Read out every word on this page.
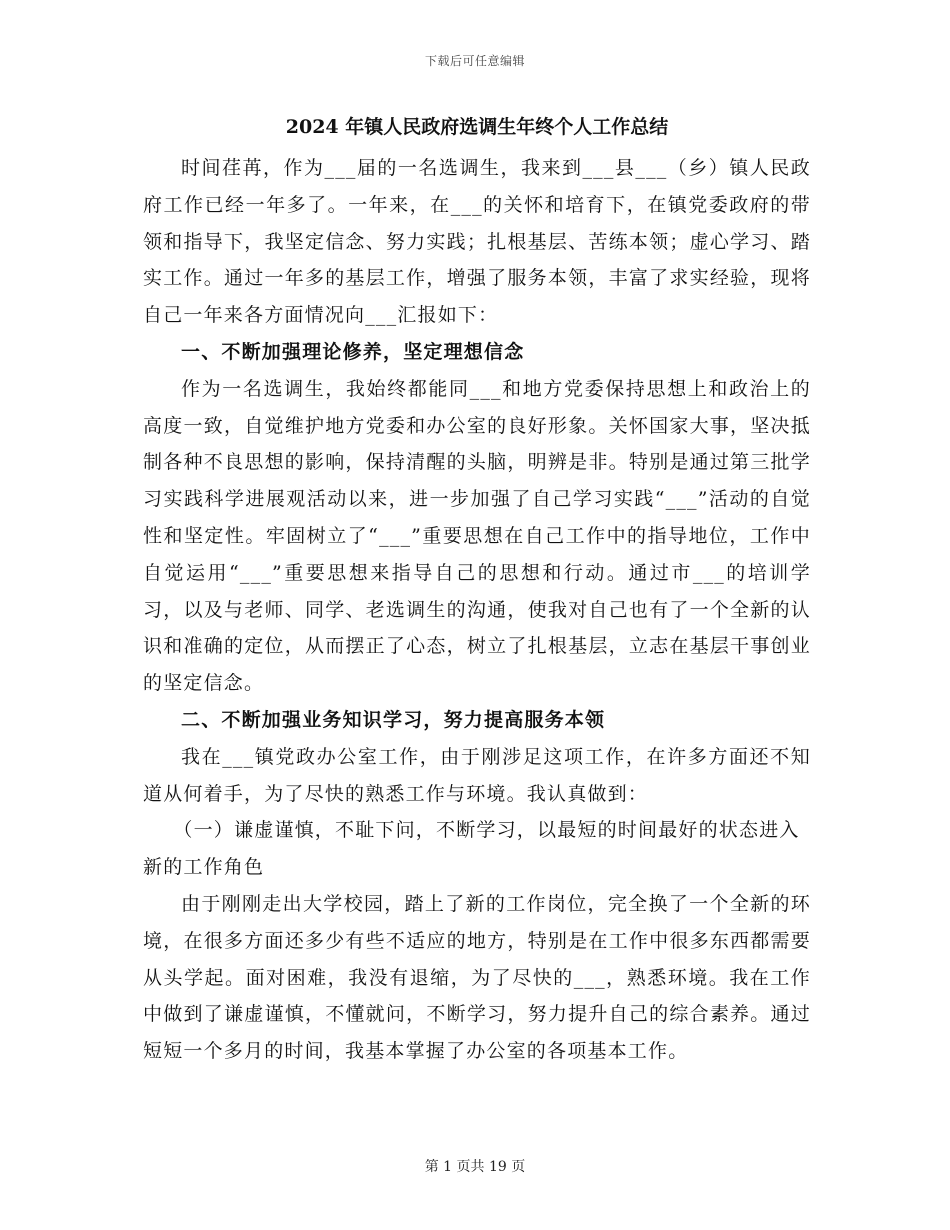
下载后可任意编辑
2024 年镇人民政府选调生年终个人工作总结

时间荏苒，作为___届的一名选调生，我来到___县___（乡）镇人民政府工作已经一年多了。一年来，在___的关怀和培育下，在镇党委政府的带领和指导下，我坚定信念、努力实践；扎根基层、苦练本领；虚心学习、踏实工作。通过一年多的基层工作，增强了服务本领，丰富了求实经验，现将自己一年来各方面情况向___汇报如下：

一、不断加强理论修养，坚定理想信念

作为一名选调生，我始终都能同___和地方党委保持思想上和政治上的高度一致，自觉维护地方党委和办公室的良好形象。关怀国家大事，坚决抵制各种不良思想的影响，保持清醒的头脑，明辨是非。特别是通过第三批学习实践科学进展观活动以来，进一步加强了自己学习实践“___”活动的自觉性和坚定性。牢固树立了“___”重要思想在自己工作中的指导地位，工作中自觉运用“___”重要思想来指导自己的思想和行动。通过市___的培训学习，以及与老师、同学、老选调生的沟通，使我对自己也有了一个全新的认识和准确的定位，从而摆正了心态，树立了扎根基层，立志在基层干事创业的坚定信念。

二、不断加强业务知识学习，努力提高服务本领

我在___镇党政办公室工作，由于刚涉足这项工作，在许多方面还不知道从何着手，为了尽快的熟悉工作与环境。我认真做到：

（一）谦虚谨慎，不耻下问，不断学习，以最短的时间最好的状态进入新的工作角色

由于刚刚走出大学校园，踏上了新的工作岗位，完全换了一个全新的环境，在很多方面还多少有些不适应的地方，特别是在工作中很多东西都需要从头学起。面对困难，我没有退缩，为了尽快的___，熟悉环境。我在工作中做到了谦虚谨慎，不懂就问，不断学习，努力提升自己的综合素养。通过短短一个多月的时间，我基本掌握了办公室的各项基本工作。

第 1 页共 19 页
